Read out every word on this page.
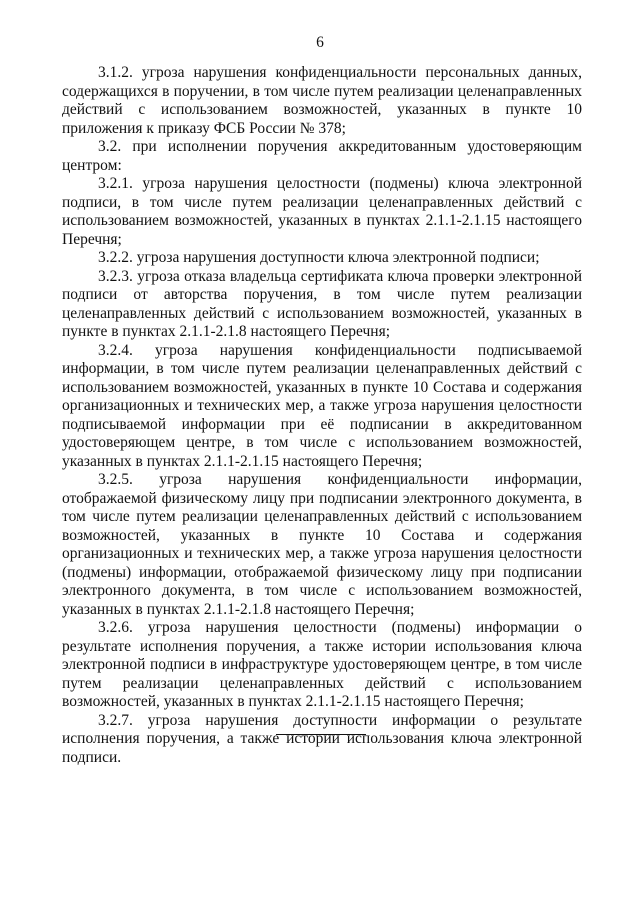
6

3.1.2. угроза нарушения конфиденциальности персональных данных, содержащихся в поручении, в том числе путем реализации целенаправленных действий с использованием возможностей, указанных в пункте 10 приложения к приказу ФСБ России № 378;

3.2. при исполнении поручения аккредитованным удостоверяющим центром:

3.2.1. угроза нарушения целостности (подмены) ключа электронной подписи, в том числе путем реализации целенаправленных действий с использованием возможностей, указанных в пунктах 2.1.1-2.1.15 настоящего Перечня;

3.2.2. угроза нарушения доступности ключа электронной подписи;

3.2.3. угроза отказа владельца сертификата ключа проверки электронной подписи от авторства поручения, в том числе путем реализации целенаправленных действий с использованием возможностей, указанных в пункте в пунктах 2.1.1-2.1.8 настоящего Перечня;

3.2.4. угроза нарушения конфиденциальности подписываемой информации, в том числе путем реализации целенаправленных действий с использованием возможностей, указанных в пункте 10 Состава и содержания организационных и технических мер, а также угроза нарушения целостности подписываемой информации при её подписании в аккредитованном удостоверяющем центре, в том числе с использованием возможностей, указанных в пунктах 2.1.1-2.1.15 настоящего Перечня;

3.2.5. угроза нарушения конфиденциальности информации, отображаемой физическому лицу при подписании электронного документа, в том числе путем реализации целенаправленных действий с использованием возможностей, указанных в пункте 10 Состава и содержания организационных и технических мер, а также угроза нарушения целостности (подмены) информации, отображаемой физическому лицу при подписании электронного документа, в том числе с использованием возможностей, указанных в пунктах 2.1.1-2.1.8 настоящего Перечня;

3.2.6. угроза нарушения целостности (подмены) информации о результате исполнения поручения, а также истории использования ключа электронной подписи в инфраструктуре удостоверяющем центре, в том числе путем реализации целенаправленных действий с использованием возможностей, указанных в пунктах 2.1.1-2.1.15 настоящего Перечня;

3.2.7. угроза нарушения доступности информации о результате исполнения поручения, а также истории использования ключа электронной подписи.
